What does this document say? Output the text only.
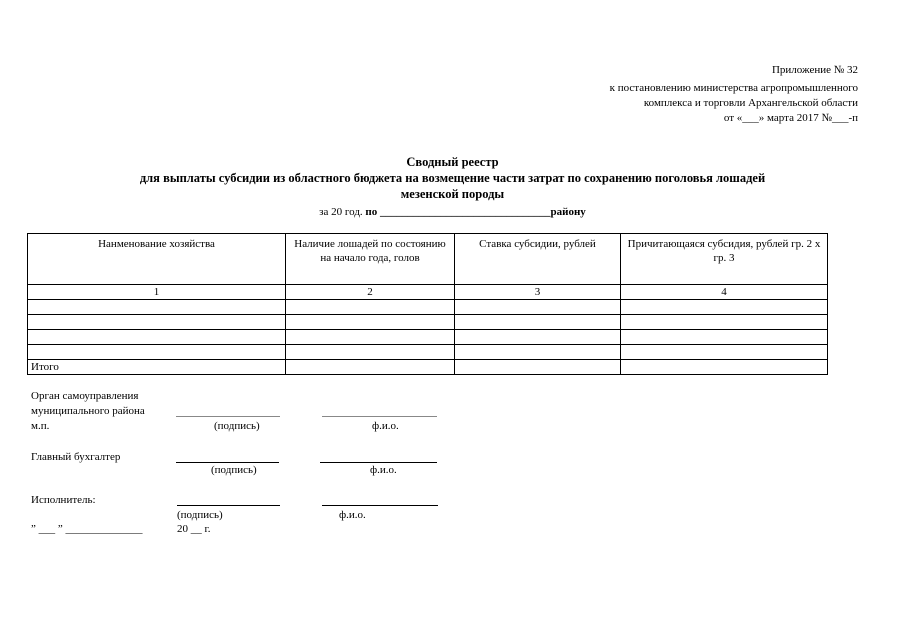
Приложение № 32
к постановлению министерства агропромышленного
комплекса и торговли Архангельской области
от «___» марта 2017 №___-п
Сводный реестр
для выплаты субсидии из областного бюджета на возмещение части затрат по сохранению поголовья лошадей
мезенской породы
за 20 год. по _______________________________району
Нанменование хозяйства	Наличие лошадей по состоянию на начало года, голов	Ставка субсидии, рублей	Причитающаяся субсидия, рублей гр. 2 х гр. 3
1	2	3	4

Итого			
Орган самоуправления
муниципального района
м.п.	(подпись)	ф.и.о.
Главный бухгалтер
(подпись)	ф.и.о.
Исполнитель:
(подпись)	ф.и.о.
” ___ ” ______________	20 __ г.
